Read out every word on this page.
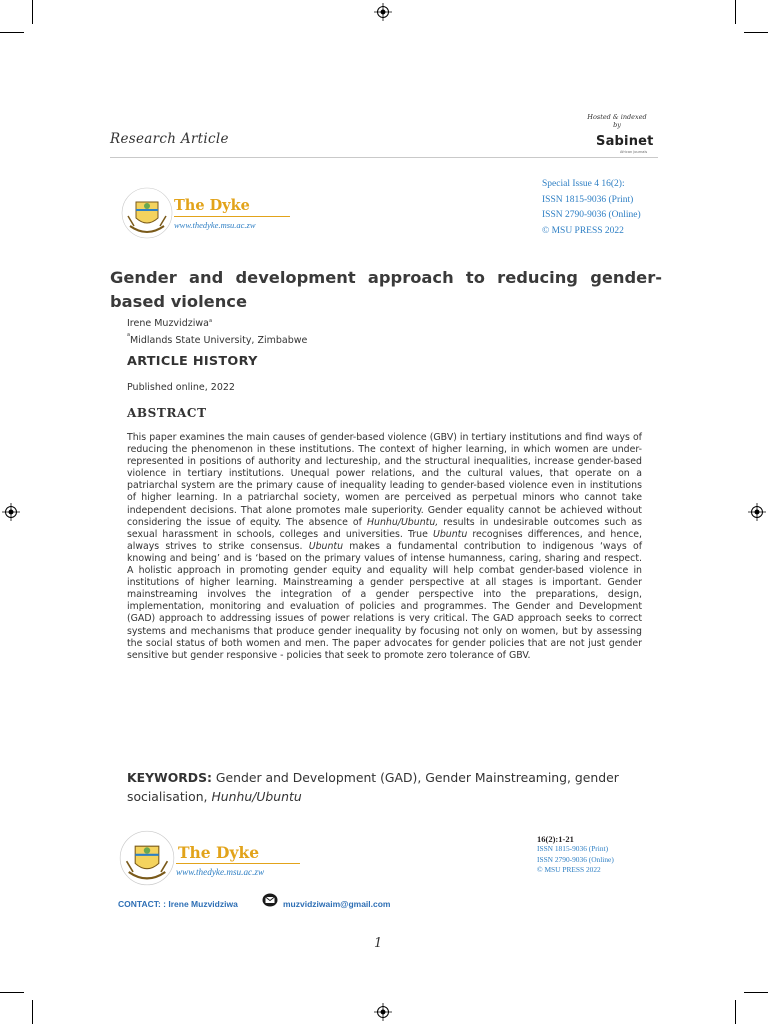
Research Article
Hosted & indexed
by
Sabinet
African Journals
The Dyke
www.thedyke.msu.ac.zw
Special Issue 4 16(2):
ISSN 1815-9036 (Print)
ISSN 2790-9036 (Online)
© MSU PRESS 2022
Gender and development approach to reducing gender-based violence
Irene Muzvidziwa$^a$
a Midlands State University, Zimbabwe
ARTICLE HISTORY
Published online, 2022
ABSTRACT
This paper examines the main causes of gender-based violence (GBV) in tertiary institutions and find ways of reducing the phenomenon in these institutions. The context of higher learning, in which women are under-represented in positions of authority and lectureship, and the structural inequalities, increase gender-based violence in tertiary institutions. Unequal power relations, and the cultural values, that operate on a patriarchal system are the primary cause of inequality leading to gender-based violence even in institutions of higher learning. In a patriarchal society, women are perceived as perpetual minors who cannot take independent decisions. That alone promotes male superiority. Gender equality cannot be achieved without considering the issue of equity. The absence of Hunhu/Ubuntu, results in undesirable outcomes such as sexual harassment in schools, colleges and universities. True Ubuntu recognises differences, and hence, always strives to strike consensus. Ubuntu makes a fundamental contribution to indigenous ‘ways of knowing and being’ and is ‘based on the primary values of intense humanness, caring, sharing and respect. A holistic approach in promoting gender equity and equality will help combat gender-based violence in institutions of higher learning. Mainstreaming a gender perspective at all stages is important. Gender mainstreaming involves the integration of a gender perspective into the preparations, design, implementation, monitoring and evaluation of policies and programmes. The Gender and Development (GAD) approach to addressing issues of power relations is very critical. The GAD approach seeks to correct systems and mechanisms that produce gender inequality by focusing not only on women, but by assessing the social status of both women and men. The paper advocates for gender policies that are not just gender sensitive but gender responsive - policies that seek to promote zero tolerance of GBV.
KEYWORDS: Gender and Development (GAD), Gender Mainstreaming, gender socialisation, Hunhu/Ubuntu
The Dyke
www.thedyke.msu.ac.zw
16(2):1-21
ISSN 1815-9036 (Print)
ISSN 2790-9036 (Online)
© MSU PRESS 2022
CONTACT: : Irene Muzvidziwa	muzvidziwaim@gmail.com
1
